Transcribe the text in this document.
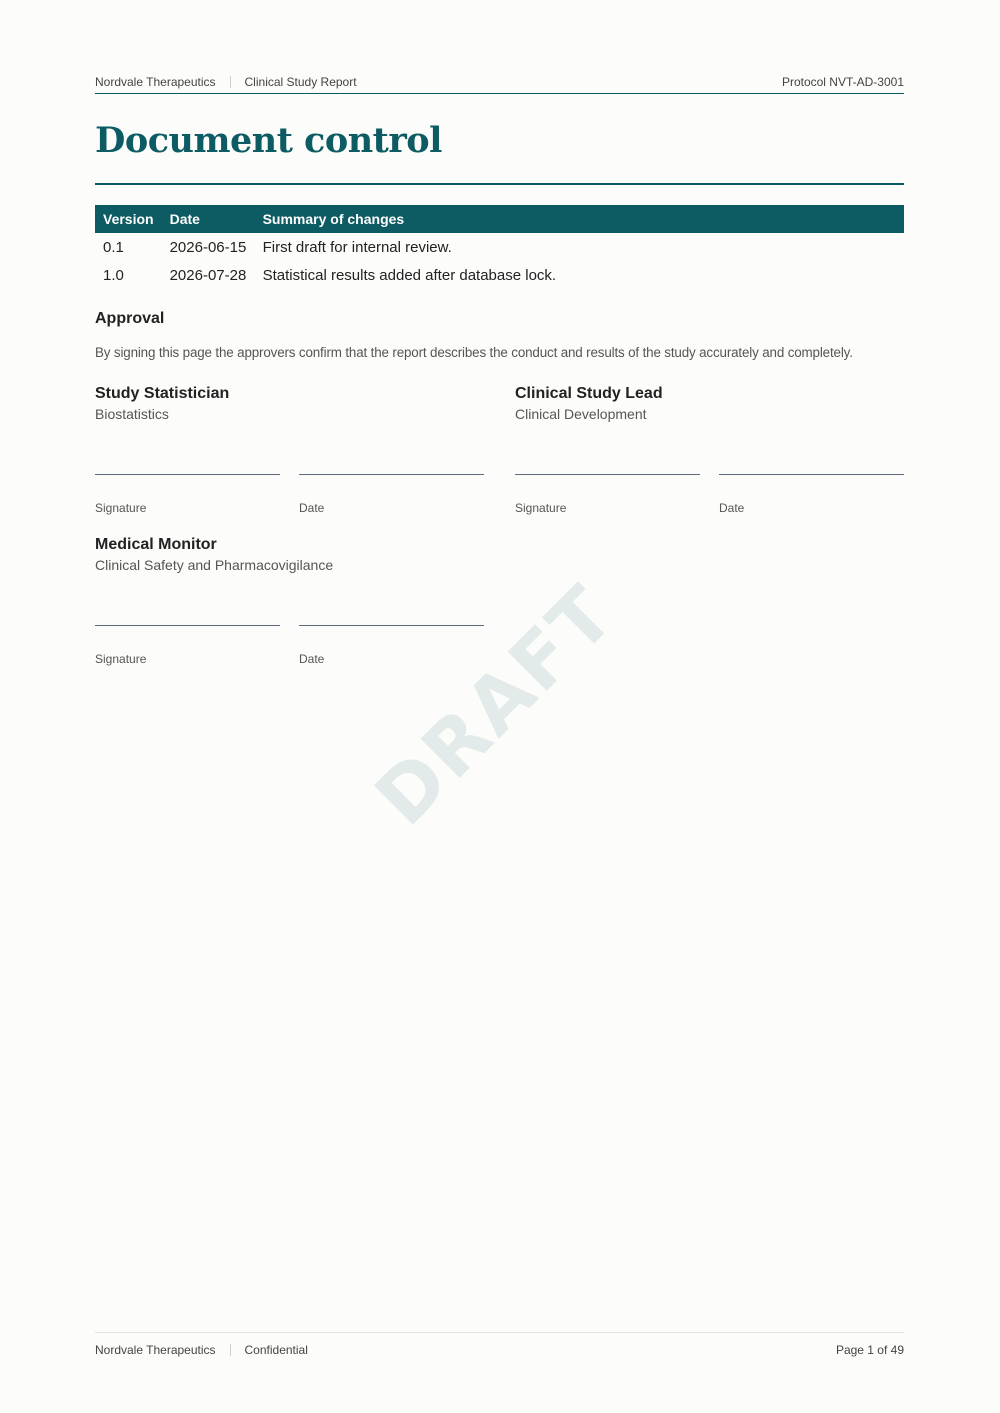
Nordvale Therapeutics Clinical Study Report	Protocol NVT-AD-3001
Document control
Version	Date	Summary of changes
0.1	2026-06-15	First draft for internal review.
1.0	2026-07-28	Statistical results added after database lock.
Approval

By signing this page the approvers confirm that the report describes the conduct and results of the study accurately and completely.

Study Statistician
Biostatistics
Signature	Date
Clinical Study Lead
Clinical Development
Signature	Date
Medical Monitor
Clinical Safety and Pharmacovigilance
Signature	Date
Nordvale Therapeutics Confidential	Page 1 of 49
DRAFT
